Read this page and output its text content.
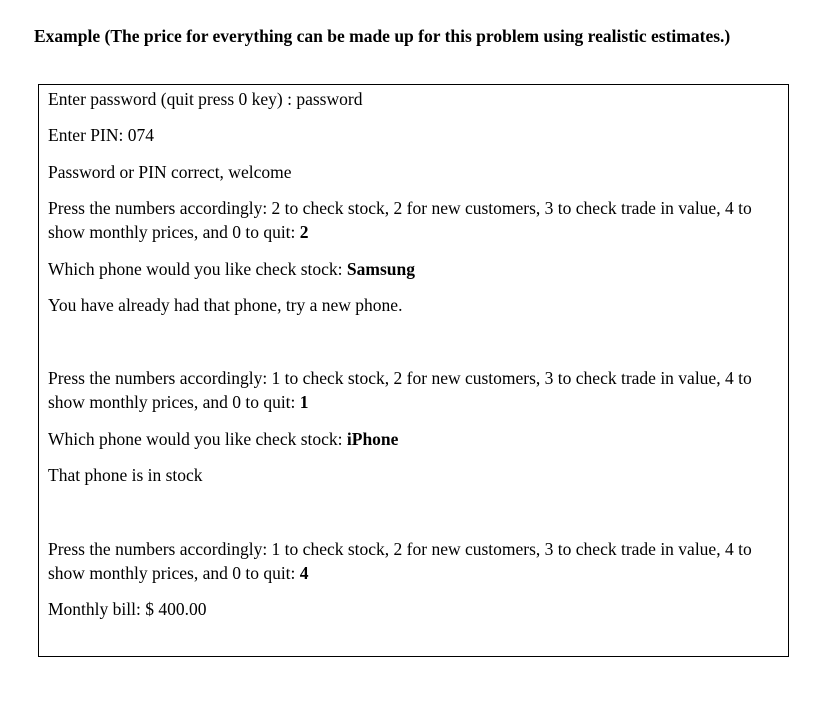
Example (The price for everything can be made up for this problem using realistic estimates.)

Enter password (quit press 0 key) : password

Enter PIN: 074

Password or PIN correct, welcome

Press the numbers accordingly: 2 to check stock, 2 for new customers, 3 to check trade in value, 4 to show monthly prices, and 0 to quit: 2

Which phone would you like check stock: Samsung

You have already had that phone, try a new phone.

Press the numbers accordingly: 1 to check stock, 2 for new customers, 3 to check trade in value, 4 to show monthly prices, and 0 to quit: 1

Which phone would you like check stock: iPhone

That phone is in stock

Press the numbers accordingly: 1 to check stock, 2 for new customers, 3 to check trade in value, 4 to show monthly prices, and 0 to quit: 4

Monthly bill: $ 400.00
